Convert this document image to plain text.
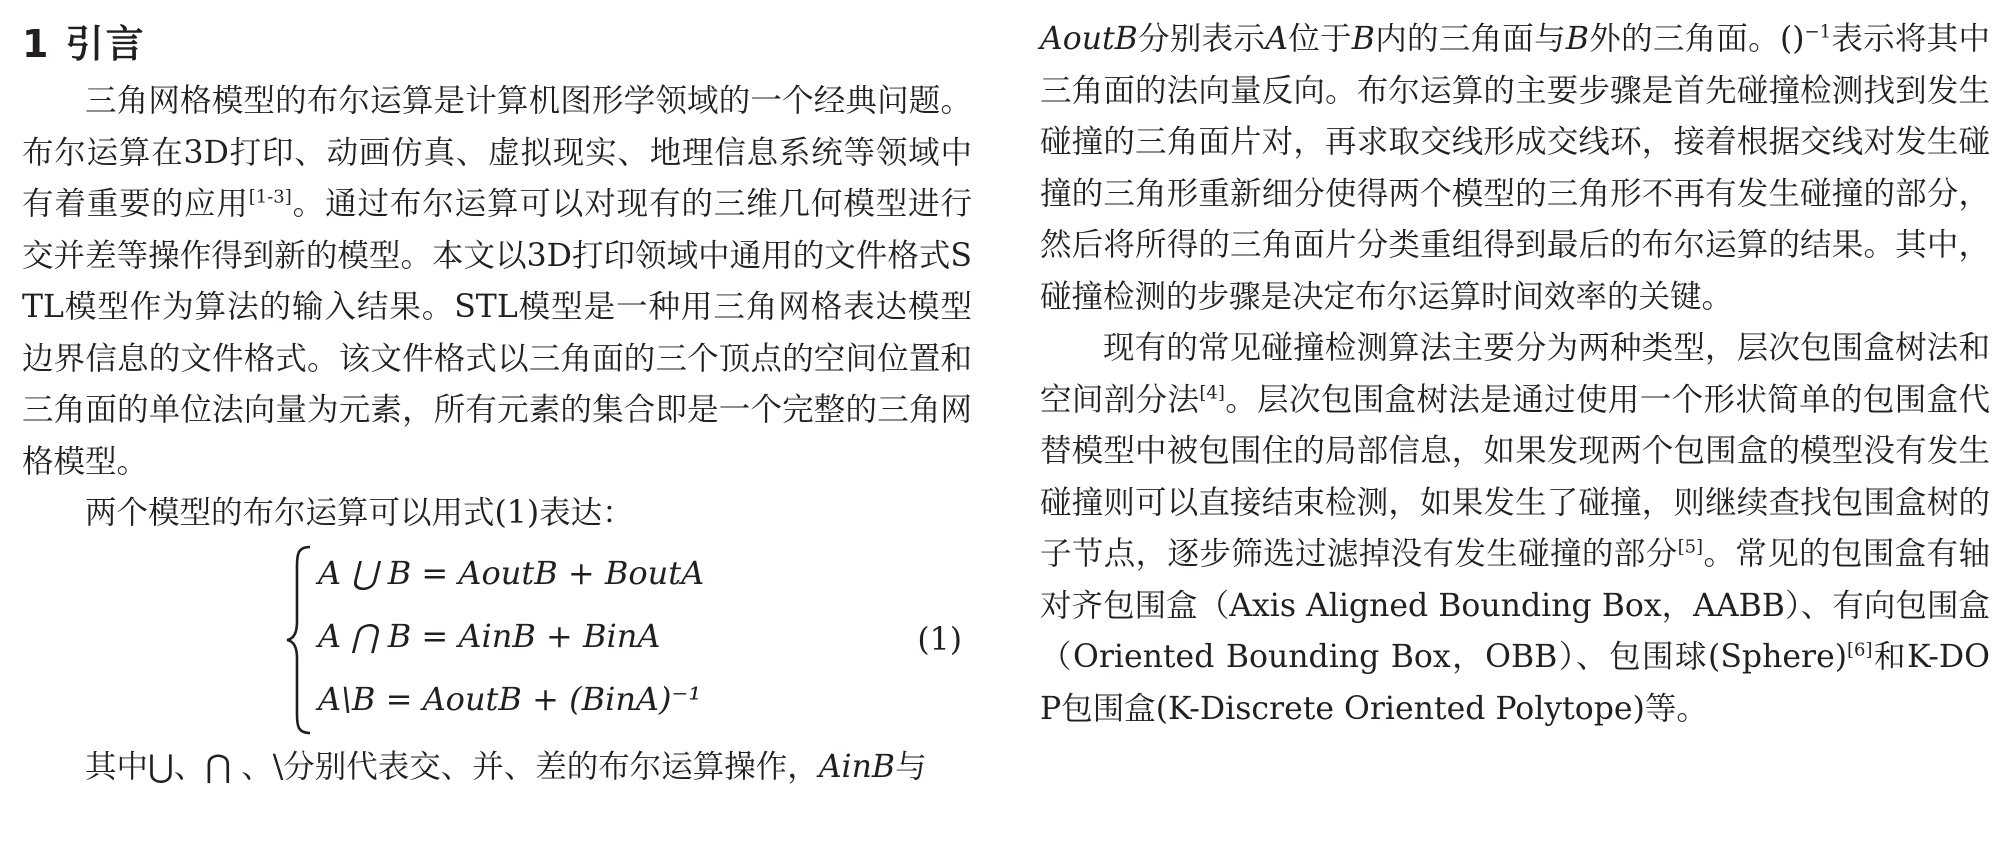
1 引言

三角网格模型的布尔运算是计算机图形学领域的一个经典问题。布尔运算在3D打印、动画仿真、虚拟现实、地理信息系统等领域中有着重要的应用[1-3]。通过布尔运算可以对现有的三维几何模型进行交并差等操作得到新的模型。本文以3D打印领域中通用的文件格式STL模型作为算法的输入结果。STL模型是一种用三角网格表达模型边界信息的文件格式。该文件格式以三角面的三个顶点的空间位置和三角面的单位法向量为元素，所有元素的集合即是一个完整的三角网格模型。

两个模型的布尔运算可以用式(1)表达：

A ⋃ B = AoutB + BoutA
A ⋂ B = AinB + BinA
A\B = AoutB + (BinA)⁻¹
(1)

其中⋃、⋂ 、\分别代表交、并、差的布尔运算操作，AinB与

AoutB分别表示A位于B内的三角面与B外的三角面。()$^{-1}$表示将其中三角面的法向量反向。布尔运算的主要步骤是首先碰撞检测找到发生碰撞的三角面片对，再求取交线形成交线环，接着根据交线对发生碰撞的三角形重新细分使得两个模型的三角形不再有发生碰撞的部分，然后将所得的三角面片分类重组得到最后的布尔运算的结果。其中，碰撞检测的步骤是决定布尔运算时间效率的关键。

现有的常见碰撞检测算法主要分为两种类型，层次包围盒树法和空间剖分法[4]。层次包围盒树法是通过使用一个形状简单的包围盒代替模型中被包围住的局部信息，如果发现两个包围盒的模型没有发生碰撞则可以直接结束检测，如果发生了碰撞，则继续查找包围盒树的子节点，逐步筛选过滤掉没有发生碰撞的部分[5]。常见的包围盒有轴对齐包围盒（Axis Aligned Bounding Box，AABB）、有向包围盒（Oriented Bounding Box，OBB）、包围球(Sphere)[6]和K-DOP包围盒(K-Discrete Oriented Polytope)等。
